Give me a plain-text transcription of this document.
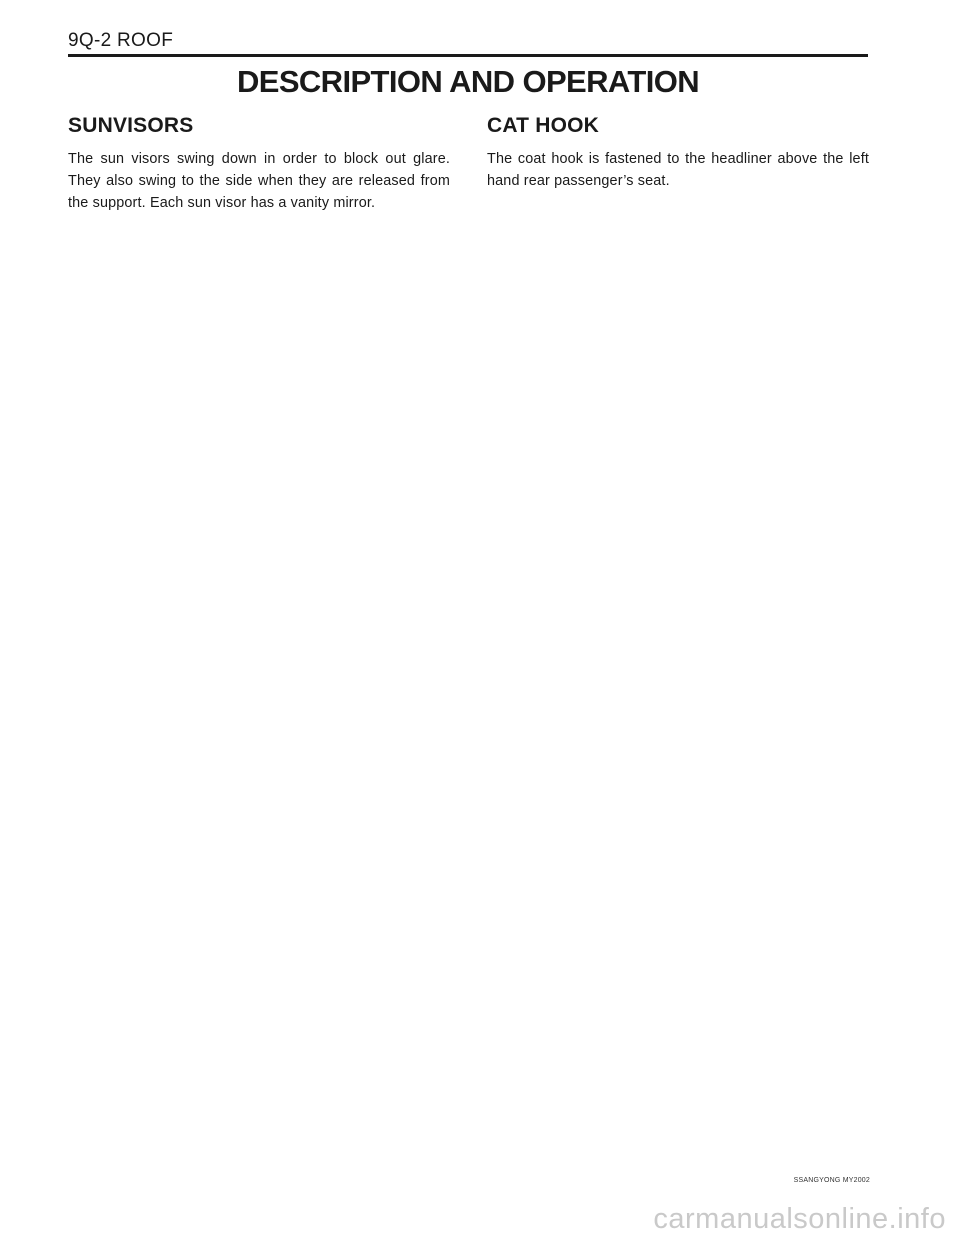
9Q-2 ROOF
DESCRIPTION AND OPERATION
SUNVISORS

The sun visors swing down in order to block out glare. They also swing to the side when they are released from the support. Each sun visor has a vanity mirror.

CAT HOOK

The coat hook is fastened to the headliner above the left hand rear passenger’s seat.

SSANGYONG MY2002
carmanualsonline.info
